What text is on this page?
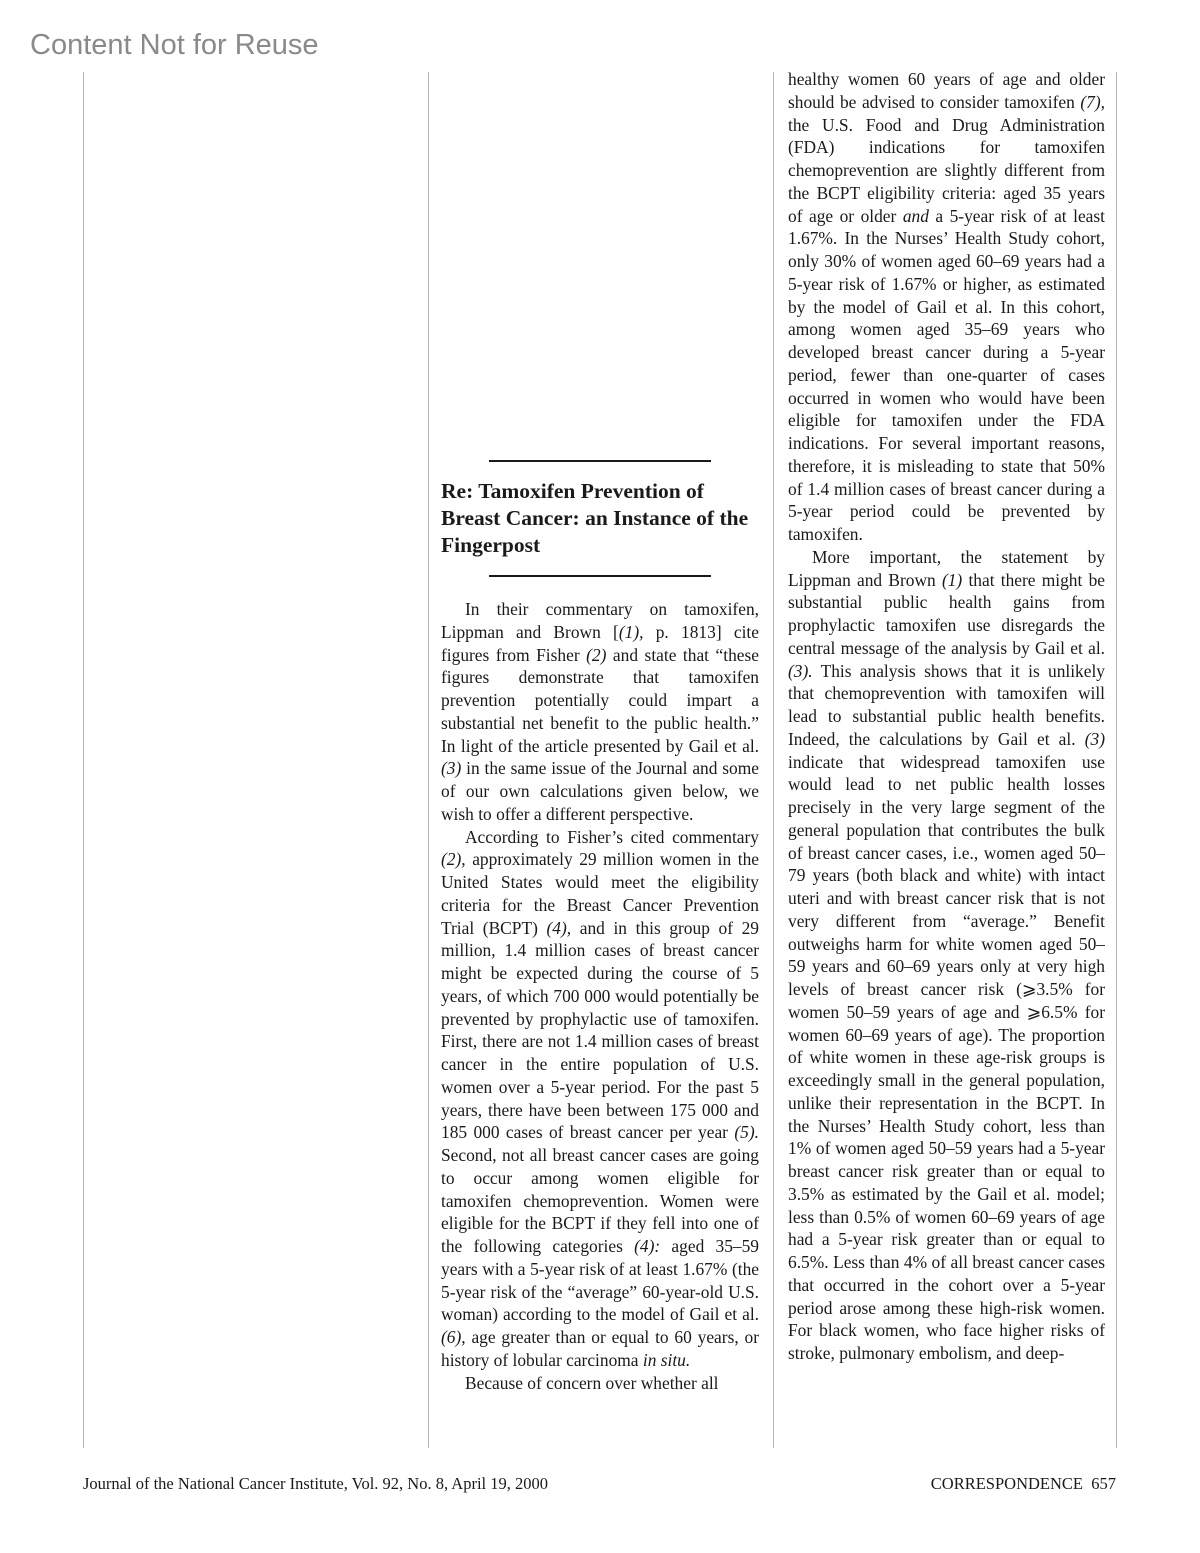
Content Not for Reuse
Re: Tamoxifen Prevention of Breast Cancer: an Instance of the Fingerpost

In their commentary on tamoxifen, Lippman and Brown [(1), p. 1813] cite figures from Fisher (2) and state that “these figures demonstrate that tamoxifen prevention potentially could impart a substantial net benefit to the public health.” In light of the article presented by Gail et al. (3) in the same issue of the Journal and some of our own calculations given below, we wish to offer a different perspective.

According to Fisher’s cited commentary (2), approximately 29 million women in the United States would meet the eligibility criteria for the Breast Cancer Prevention Trial (BCPT) (4), and in this group of 29 million, 1.4 million cases of breast cancer might be expected during the course of 5 years, of which 700 000 would potentially be prevented by prophylactic use of tamoxifen. First, there are not 1.4 million cases of breast cancer in the entire population of U.S. women over a 5-year period. For the past 5 years, there have been between 175 000 and 185 000 cases of breast cancer per year (5). Second, not all breast cancer cases are going to occur among women eligible for tamoxifen chemoprevention. Women were eligible for the BCPT if they fell into one of the following categories (4): aged 35–59 years with a 5-year risk of at least 1.67% (the 5-year risk of the “average” 60-year-old U.S. woman) according to the model of Gail et al. (6), age greater than or equal to 60 years, or history of lobular carcinoma in situ.

Because of concern over whether all

healthy women 60 years of age and older should be advised to consider tamoxifen (7), the U.S. Food and Drug Administration (FDA) indications for tamoxifen chemoprevention are slightly different from the BCPT eligibility criteria: aged 35 years of age or older and a 5-year risk of at least 1.67%. In the Nurses’ Health Study cohort, only 30% of women aged 60–69 years had a 5-year risk of 1.67% or higher, as estimated by the model of Gail et al. In this cohort, among women aged 35–69 years who developed breast cancer during a 5-year period, fewer than one-quarter of cases occurred in women who would have been eligible for tamoxifen under the FDA indications. For several important reasons, therefore, it is misleading to state that 50% of 1.4 million cases of breast cancer during a 5-year period could be prevented by tamoxifen.

More important, the statement by Lippman and Brown (1) that there might be substantial public health gains from prophylactic tamoxifen use disregards the central message of the analysis by Gail et al. (3). This analysis shows that it is unlikely that chemoprevention with tamoxifen will lead to substantial public health benefits. Indeed, the calculations by Gail et al. (3) indicate that widespread tamoxifen use would lead to net public health losses precisely in the very large segment of the general population that contributes the bulk of breast cancer cases, i.e., women aged 50–79 years (both black and white) with intact uteri and with breast cancer risk that is not very different from “average.” Benefit outweighs harm for white women aged 50–59 years and 60–69 years only at very high levels of breast cancer risk (⩾3.5% for women 50–59 years of age and ⩾6.5% for women 60–69 years of age). The proportion of white women in these age-risk groups is exceedingly small in the general population, unlike their representation in the BCPT. In the Nurses’ Health Study cohort, less than 1% of women aged 50–59 years had a 5-year breast cancer risk greater than or equal to 3.5% as estimated by the Gail et al. model; less than 0.5% of women 60–69 years of age had a 5-year risk greater than or equal to 6.5%. Less than 4% of all breast cancer cases that occurred in the cohort over a 5-year period arose among these high-risk women. For black women, who face higher risks of stroke, pulmonary embolism, and deep-

Journal of the National Cancer Institute, Vol. 92, No. 8, April 19, 2000	CORRESPONDENCE 657
